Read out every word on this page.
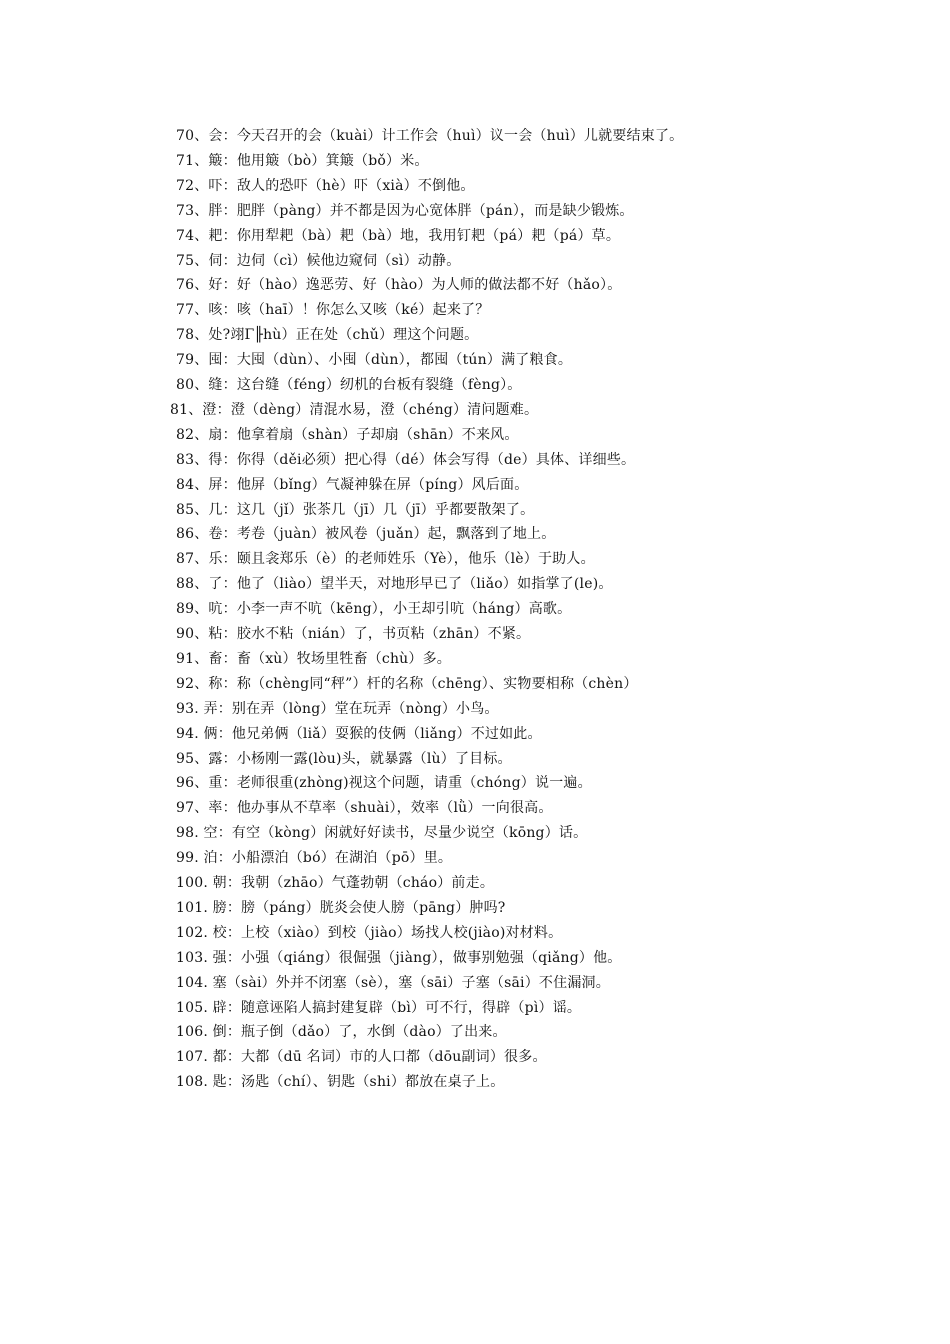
70、会：今天召开的会（kuài）计工作会（huì）议一会（huì）儿就要结束了。
71、簸：他用簸（bò）箕簸（bǒ）米。
72、吓：敌人的恐吓（hè）吓（xià）不倒他。
73、胖：肥胖（pàng）并不都是因为心宽体胖（pán），而是缺少锻炼。
74、耙：你用犁耙（bà）耙（bà）地，我用钉耙（pá）耙（pá）草。
75、伺：边伺（cì）候他边窥伺（sì）动静。
76、好：好（hào）逸恶劳、好（hào）为人师的做法都不好（hǎo）。
77、咳：咳（haī）！你怎么又咳（ké）起来了？
78、处?翊Γ╟hù）正在处（chǔ）理这个问题。
79、囤：大囤（dùn）、小囤（dùn），都囤（tún）满了粮食。
80、缝：这台缝（féng）纫机的台板有裂缝（fèng）。
81、澄：澄（dèng）清混水易，澄（chéng）清问题难。
82、扇：他拿着扇（shàn）子却扇（shān）不来风。
83、得：你得（děi必须）把心得（dé）体会写得（de）具体、详细些。
84、屏：他屏（bǐng）气凝神躲在屏（píng）风后面。
85、几：这几（jǐ）张茶几（jī）几（jī）乎都要散架了。
86、卷：考卷（juàn）被风卷（juǎn）起，飘落到了地上。
87、乐：颐且衾郑乐（è）的老师姓乐（Yè），他乐（lè）于助人。
88、了：他了（liào）望半天，对地形早已了（liǎo）如指掌了(le)。
89、吭：小李一声不吭（kēng），小王却引吭（háng）高歌。
90、粘：胶水不粘（nián）了，书页粘（zhān）不紧。
91、畜：畜（xù）牧场里牲畜（chù）多。
92、称：称（chèng同“秤”）杆的名称（chēng）、实物要相称（chèn）
93. 弄：别在弄（lòng）堂在玩弄（nòng）小鸟。
94. 俩：他兄弟俩（liǎ）耍猴的伎俩（liǎng）不过如此。
95、露：小杨刚一露(lòu)头，就暴露（lù）了目标。
96、重：老师很重(zhòng)视这个问题，请重（chóng）说一遍。
97、率：他办事从不草率（shuài），效率（lǜ）一向很高。
98. 空：有空（kòng）闲就好好读书，尽量少说空（kōng）话。
99. 泊：小船漂泊（bó）在湖泊（pō）里。
100. 朝：我朝（zhāo）气蓬勃朝（cháo）前走。
101. 膀：膀（páng）胱炎会使人膀（pāng）肿吗?
102. 校：上校（xiào）到校（jiào）场找人校(jiào)对材料。
103. 强：小强（qiáng）很倔强（jiàng），做事别勉强（qiǎng）他。
104. 塞（sài）外并不闭塞（sè），塞（sāi）子塞（sāi）不住漏洞。
105. 辟：随意诬陷人搞封建复辟（bì）可不行，得辟（pì）谣。
106. 倒：瓶子倒（dǎo）了，水倒（dào）了出来。
107. 都：大都（dū 名词）市的人口都（dōu副词）很多。
108. 匙：汤匙（chí）、钥匙（shi）都放在桌子上。
